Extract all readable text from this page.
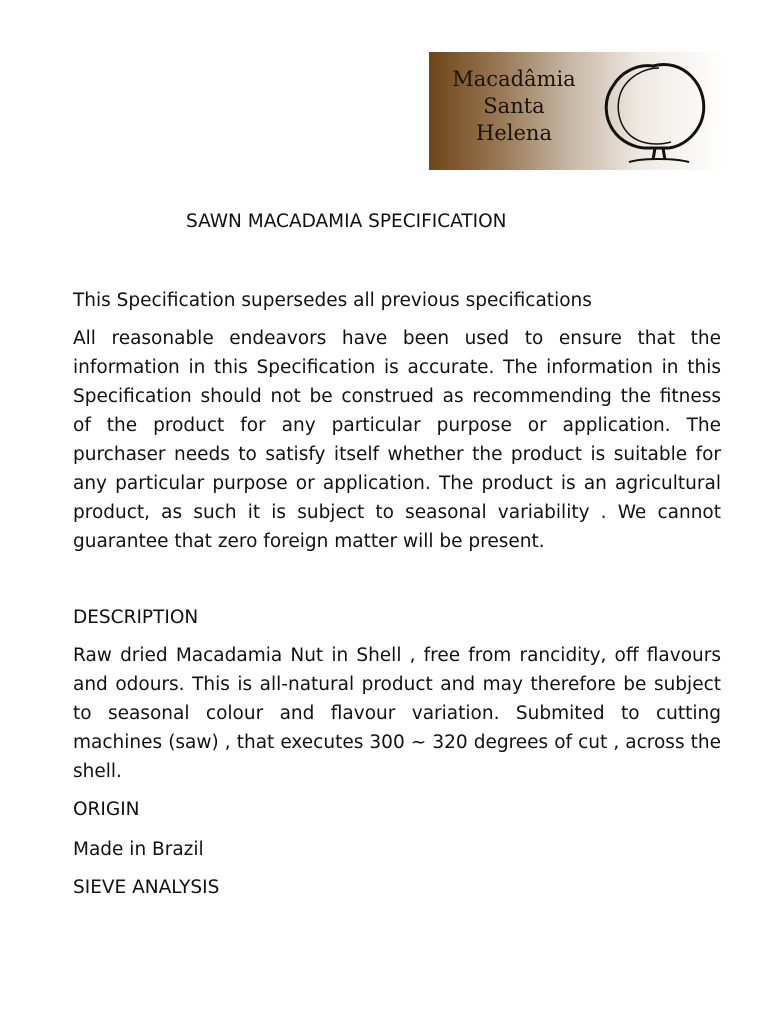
Macadâmia
Santa
Helena
SAWN MACADAMIA SPECIFICATION

This Specification supersedes all previous specifications

All reasonable endeavors have been used to ensure that the information in this Specification is accurate. The information in this Specification should not be construed as recommending the fitness of the product for any particular purpose or application. The purchaser needs to satisfy itself whether the product is suitable for any particular purpose or application. The product is an agricultural product, as such it is subject to seasonal variability . We cannot guarantee that zero foreign matter will be present.

DESCRIPTION

Raw dried Macadamia Nut in Shell , free from rancidity, off flavours and odours. This is all-natural product and may therefore be subject to seasonal colour and flavour variation. Submited to cutting machines (saw) , that executes 300 ~ 320 degrees of cut , across the shell.

ORIGIN

Made in Brazil

SIEVE ANALYSIS
